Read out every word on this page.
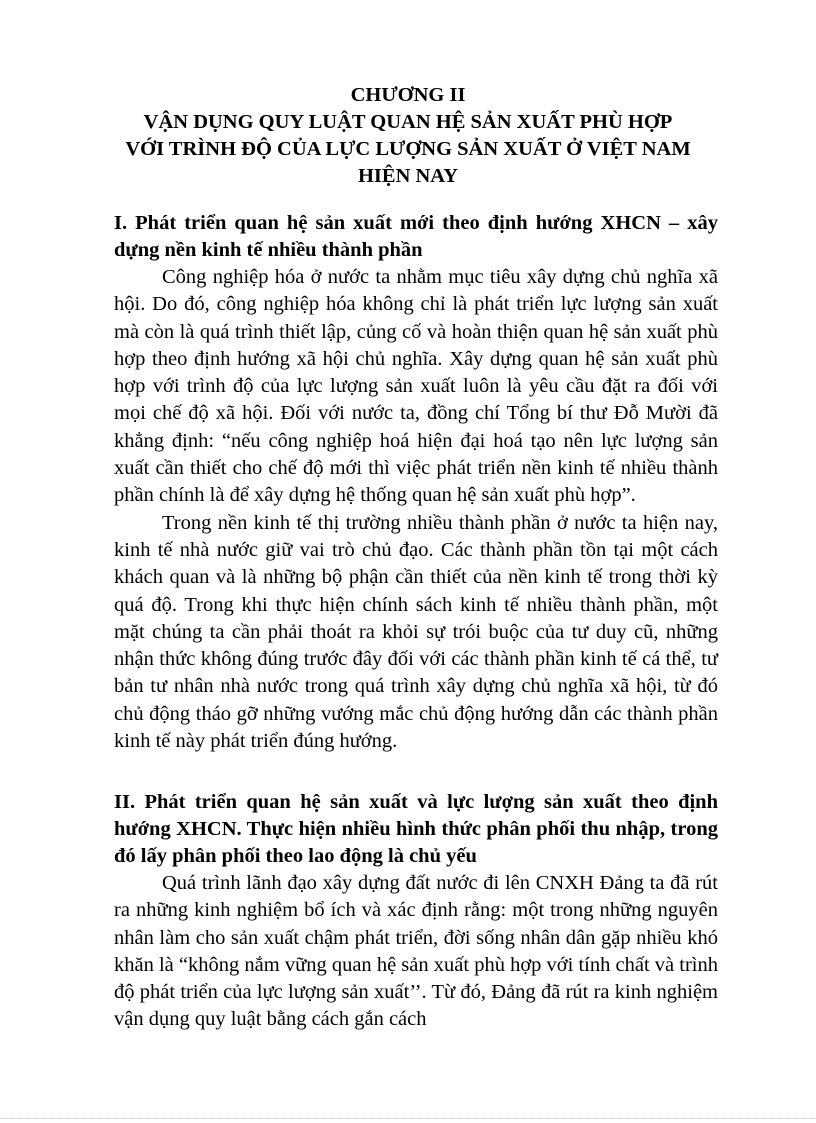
CHƯƠNG II
VẬN DỤNG QUY LUẬT QUAN HỆ SẢN XUẤT PHÙ HỢP
VỚI TRÌNH ĐỘ CỦA LỰC LƯỢNG SẢN XUẤT Ở VIỆT NAM
HIỆN NAY
I. Phát triển quan hệ sản xuất mới theo định hướng XHCN – xây dựng nền kinh tế nhiều thành phần

Công nghiệp hóa ở nước ta nhằm mục tiêu xây dựng chủ nghĩa xã hội. Do đó, công nghiệp hóa không chỉ là phát triển lực lượng sản xuất mà còn là quá trình thiết lập, củng cố và hoàn thiện quan hệ sản xuất phù hợp theo định hướng xã hội chủ nghĩa. Xây dựng quan hệ sản xuất phù hợp với trình độ của lực lượng sản xuất luôn là yêu cầu đặt ra đối với mọi chế độ xã hội. Đối với nước ta, đồng chí Tổng bí thư Đỗ Mười đã khẳng định: “nếu công nghiệp hoá hiện đại hoá tạo nên lực lượng sản xuất cần thiết cho chế độ mới thì việc phát triển nền kinh tế nhiều thành phần chính là để xây dựng hệ thống quan hệ sản xuất phù hợp”.

Trong nền kinh tế thị trường nhiều thành phần ở nước ta hiện nay, kinh tế nhà nước giữ vai trò chủ đạo. Các thành phần tồn tại một cách khách quan và là những bộ phận cần thiết của nền kinh tế trong thời kỳ quá độ. Trong khi thực hiện chính sách kinh tế nhiều thành phần, một mặt chúng ta cần phải thoát ra khỏi sự trói buộc của tư duy cũ, những nhận thức không đúng trước đây đối với các thành phần kinh tế cá thể, tư bản tư nhân nhà nước trong quá trình xây dựng chủ nghĩa xã hội, từ đó chủ động tháo gỡ những vướng mắc chủ động hướng dẫn các thành phần kinh tế này phát triển đúng hướng.

II. Phát triển quan hệ sản xuất và lực lượng sản xuất theo định hướng XHCN. Thực hiện nhiều hình thức phân phối thu nhập, trong đó lấy phân phối theo lao động là chủ yếu

Quá trình lãnh đạo xây dựng đất nước đi lên CNXH Đảng ta đã rút ra những kinh nghiệm bổ ích và xác định rằng: một trong những nguyên nhân làm cho sản xuất chậm phát triển, đời sống nhân dân gặp nhiều khó khăn là “không nắm vững quan hệ sản xuất phù hợp với tính chất và trình độ phát triển của lực lượng sản xuất’’. Từ đó, Đảng đã rút ra kinh nghiệm vận dụng quy luật bằng cách gắn cách
